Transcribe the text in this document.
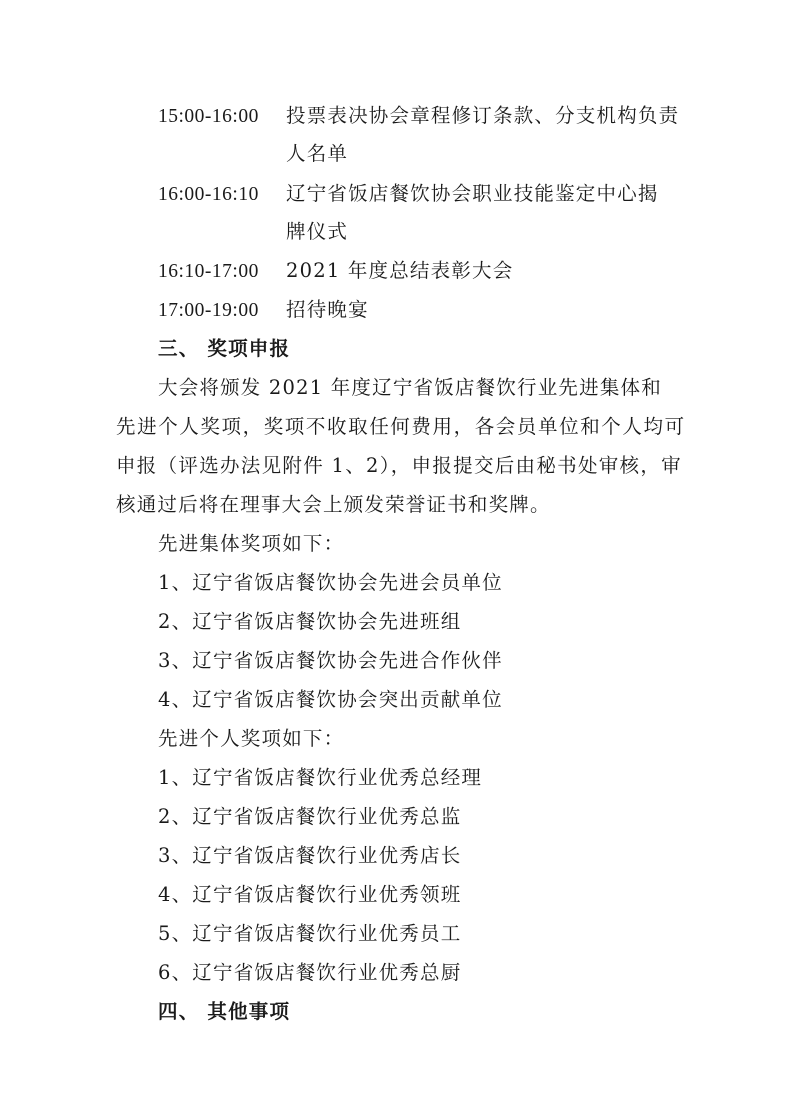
15:00-16:00 投票表决协会章程修订条款、分支机构负责
人名单
16:00-16:10 辽宁省饭店餐饮协会职业技能鉴定中心揭
牌仪式
16:10-17:00 2021 年度总结表彰大会
17:00-19:00 招待晚宴
三、 奖项申报
大会将颁发 2021 年度辽宁省饭店餐饮行业先进集体和
先进个人奖项，奖项不收取任何费用，各会员单位和个人均可
申报（评选办法见附件 1、2），申报提交后由秘书处审核，审
核通过后将在理事大会上颁发荣誉证书和奖牌。
先进集体奖项如下：
1、辽宁省饭店餐饮协会先进会员单位
2、辽宁省饭店餐饮协会先进班组
3、辽宁省饭店餐饮协会先进合作伙伴
4、辽宁省饭店餐饮协会突出贡献单位
先进个人奖项如下：
1、辽宁省饭店餐饮行业优秀总经理
2、辽宁省饭店餐饮行业优秀总监
3、辽宁省饭店餐饮行业优秀店长
4、辽宁省饭店餐饮行业优秀领班
5、辽宁省饭店餐饮行业优秀员工
6、辽宁省饭店餐饮行业优秀总厨
四、 其他事项
